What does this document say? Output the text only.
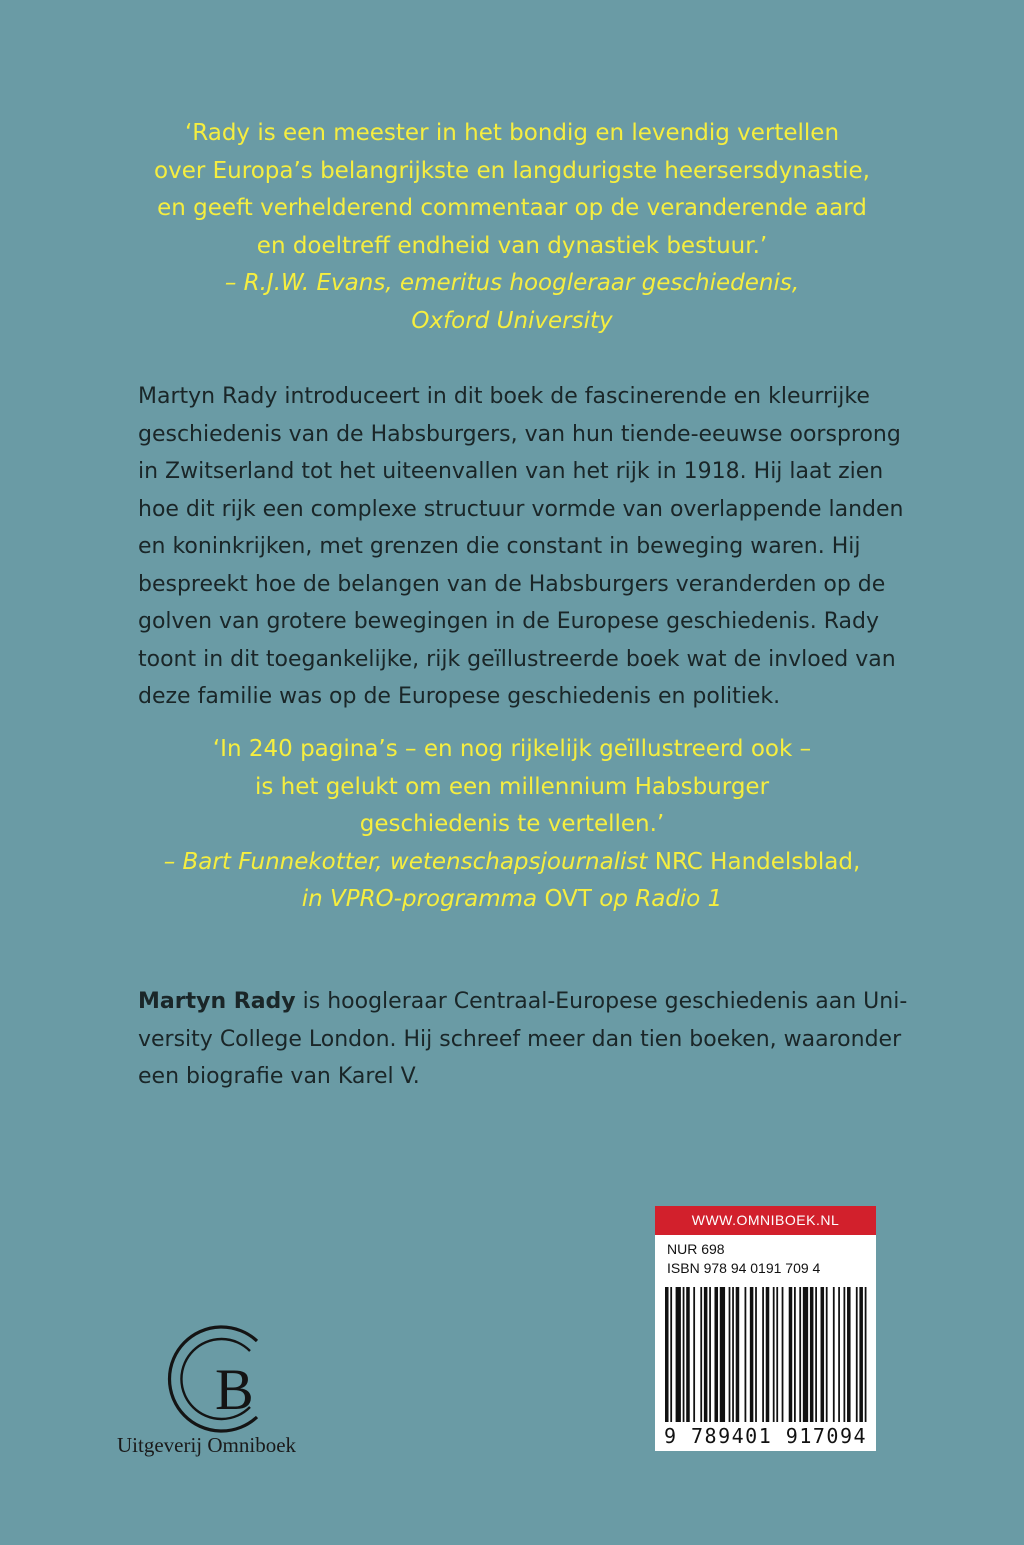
‘Rady is een meester in het bondig en levendig vertellen
over Europa’s belangrijkste en langdurigste heersersdynastie,
en geeft verhelderend commentaar op de veranderende aard
en doeltreff endheid van dynastiek bestuur.’

– R.J.W. Evans, emeritus hoogleraar geschiedenis,
Oxford University

Martyn Rady introduceert in dit boek de fascinerende en kleurrijke
geschiedenis van de Habsburgers, van hun tiende-eeuwse oorsprong
in Zwitserland tot het uiteenvallen van het rijk in 1918. Hij laat zien
hoe dit rijk een complexe structuur vormde van overlappende landen
en koninkrijken, met grenzen die constant in beweging waren. Hij
bespreekt hoe de belangen van de Habsburgers veranderden op de
golven van grotere bewegingen in de Europese geschiedenis. Rady
toont in dit toegankelijke, rijk geïllustreerde boek wat de invloed van
deze familie was op de Europese geschiedenis en politiek.

‘In 240 pagina’s – en nog rijkelijk geïllustreerd ook –
is het gelukt om een millennium Habsburger
geschiedenis te vertellen.’

– Bart Funnekotter, wetenschapsjournalist NRC Handelsblad,
in VPRO-programma OVT op Radio 1

Martyn Rady is hoogleraar Centraal-Europese geschiedenis aan Uni-
versity College London. Hij schreef meer dan tien boeken, waaronder
een biografie van Karel V.
B
Uitgeverij Omniboek
WWW.OMNIBOEK.NL
NUR 698
ISBN 978 94 0191 709 4
9 789401 917094
